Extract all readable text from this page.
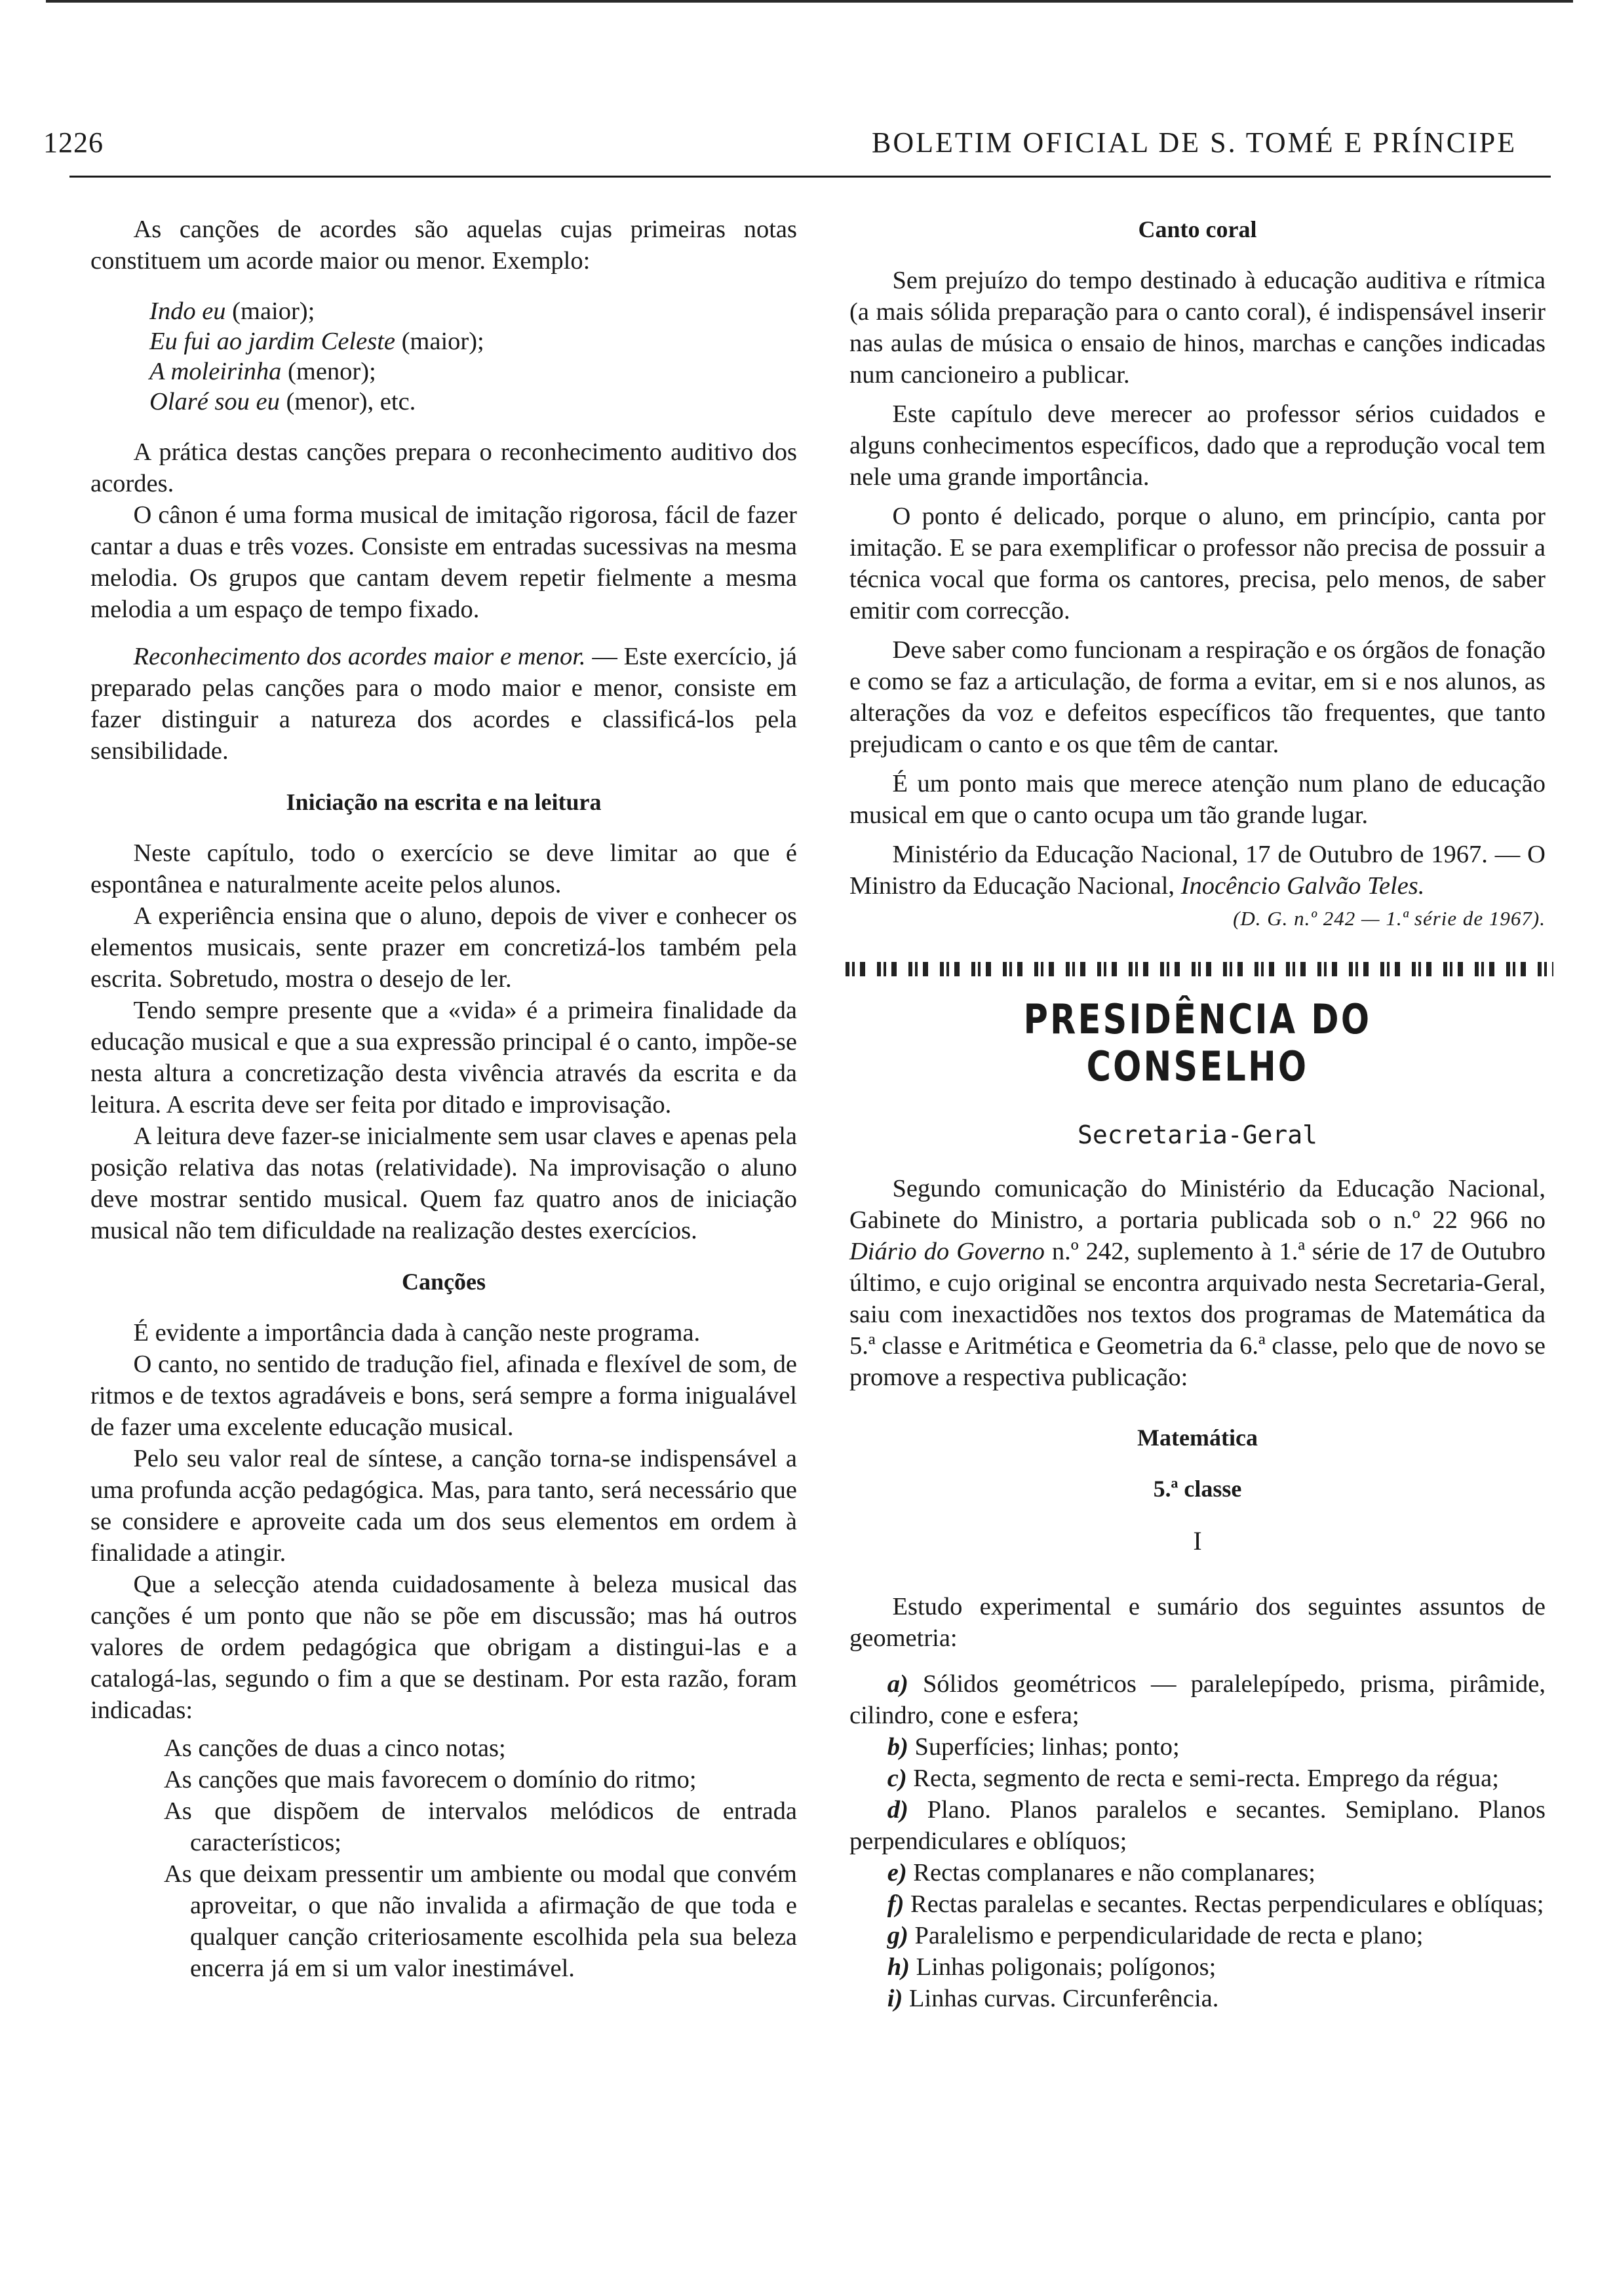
1226	BOLETIM OFICIAL DE S. TOMÉ E PRÍNCIPE

As canções de acordes são aquelas cujas primeiras notas constituem um acorde maior ou menor. Exemplo:

Indo eu (maior);
Eu fui ao jardim Celeste (maior);
A moleirinha (menor);
Olaré sou eu (menor), etc.

A prática destas canções prepara o reconhecimento auditivo dos acordes.

O cânon é uma forma musical de imitação rigorosa, fácil de fazer cantar a duas e três vozes. Consiste em entradas sucessivas na mesma melodia. Os grupos que cantam devem repetir fielmente a mesma melodia a um espaço de tempo fixado.

Reconhecimento dos acordes maior e menor. — Este exercício, já preparado pelas canções para o modo maior e menor, consiste em fazer distinguir a natureza dos acordes e classificá-los pela sensibilidade.

Iniciação na escrita e na leitura

Neste capítulo, todo o exercício se deve limitar ao que é espontânea e naturalmente aceite pelos alunos.

A experiência ensina que o aluno, depois de viver e conhecer os elementos musicais, sente prazer em concretizá-los também pela escrita. Sobretudo, mostra o desejo de ler.

Tendo sempre presente que a «vida» é a primeira finalidade da educação musical e que a sua expressão principal é o canto, impõe-se nesta altura a concretização desta vivência através da escrita e da leitura. A escrita deve ser feita por ditado e improvisação.

A leitura deve fazer-se inicialmente sem usar claves e apenas pela posição relativa das notas (relatividade). Na improvisação o aluno deve mostrar sentido musical. Quem faz quatro anos de iniciação musical não tem dificuldade na realização destes exercícios.

Canções

É evidente a importância dada à canção neste programa.

O canto, no sentido de tradução fiel, afinada e flexível de som, de ritmos e de textos agradáveis e bons, será sempre a forma inigualável de fazer uma excelente educação musical.

Pelo seu valor real de síntese, a canção torna-se indispensável a uma profunda acção pedagógica. Mas, para tanto, será necessário que se considere e aproveite cada um dos seus elementos em ordem à finalidade a atingir.

Que a selecção atenda cuidadosamente à beleza musical das canções é um ponto que não se põe em discussão; mas há outros valores de ordem pedagógica que obrigam a distingui-las e a catalogá-las, segundo o fim a que se destinam. Por esta razão, foram indicadas:

As canções de duas a cinco notas;

As canções que mais favorecem o domínio do ritmo;

As que dispõem de intervalos melódicos de entrada característicos;

As que deixam pressentir um ambiente ou modal que convém aproveitar, o que não invalida a afirmação de que toda e qualquer canção criteriosamente escolhida pela sua beleza encerra já em si um valor inestimável.

Canto coral

Sem prejuízo do tempo destinado à educação auditiva e rítmica (a mais sólida preparação para o canto coral), é indispensável inserir nas aulas de música o ensaio de hinos, marchas e canções indicadas num cancioneiro a publicar.

Este capítulo deve merecer ao professor sérios cuidados e alguns conhecimentos específicos, dado que a reprodução vocal tem nele uma grande importância.

O ponto é delicado, porque o aluno, em princípio, canta por imitação. E se para exemplificar o professor não precisa de possuir a técnica vocal que forma os cantores, precisa, pelo menos, de saber emitir com correcção.

Deve saber como funcionam a respiração e os órgãos de fonação e como se faz a articulação, de forma a evitar, em si e nos alunos, as alterações da voz e defeitos específicos tão frequentes, que tanto prejudicam o canto e os que têm de cantar.

É um ponto mais que merece atenção num plano de educação musical em que o canto ocupa um tão grande lugar.

Ministério da Educação Nacional, 17 de Outubro de 1967. — O Ministro da Educação Nacional, Inocêncio Galvão Teles.

(D. G. n.º 242 — 1.ª série de 1967).
PRESIDÊNCIA DO CONSELHO
Secretaria-Geral

Segundo comunicação do Ministério da Educação Nacional, Gabinete do Ministro, a portaria publicada sob o n.º 22 966 no Diário do Governo n.º 242, suplemento à 1.ª série de 17 de Outubro último, e cujo original se encontra arquivado nesta Secretaria-Geral, saiu com inexactidões nos textos dos programas de Matemática da 5.ª classe e Aritmética e Geometria da 6.ª classe, pelo que de novo se promove a respectiva publicação:

Matemática
5.ª classe
I

Estudo experimental e sumário dos seguintes assuntos de geometria:

a) Sólidos geométricos — paralelepípedo, prisma, pirâmide, cilindro, cone e esfera;

b) Superfícies; linhas; ponto;

c) Recta, segmento de recta e semi-recta. Emprego da régua;

d) Plano. Planos paralelos e secantes. Semiplano. Planos perpendiculares e oblíquos;

e) Rectas complanares e não complanares;

f) Rectas paralelas e secantes. Rectas perpendiculares e oblíquas;

g) Paralelismo e perpendicularidade de recta e plano;

h) Linhas poligonais; polígonos;

i) Linhas curvas. Circunferência.
